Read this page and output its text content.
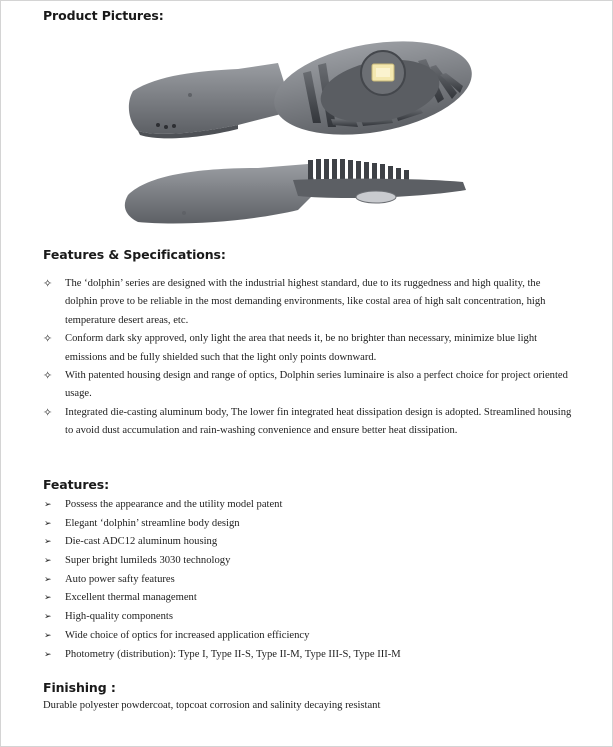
Product Pictures:
Features & Specifications:
✧ The ‘dolphin’ series are designed with the industrial highest standard, due to its ruggedness and high quality, the dolphin prove to be reliable in the most demanding environments, like costal area of high salt concentration, high temperature desert areas, etc.
✧ Conform dark sky approved, only light the area that needs it, be no brighter than necessary, minimize blue light emissions and be fully shielded such that the light only points downward.
✧ With patented housing design and range of optics, Dolphin series luminaire is also a perfect choice for project oriented usage.
✧ Integrated die-casting aluminum body, The lower fin integrated heat dissipation design is adopted. Streamlined housing to avoid dust accumulation and rain-washing convenience and ensure better heat dissipation.
Features:
➢ Possess the appearance and the utility model patent
➢ Elegant ‘dolphin’ streamline body design
➢ Die-cast ADC12 aluminum housing
➢ Super bright lumileds 3030 technology
➢ Auto power safty features
➢ Excellent thermal management
➢ High-quality components
➢ Wide choice of optics for increased application efficiency
➢ Photometry (distribution): Type I, Type II-S, Type II-M, Type III-S, Type III-M
Finishing :

Durable polyester powdercoat, topcoat corrosion and salinity decaying resistant
